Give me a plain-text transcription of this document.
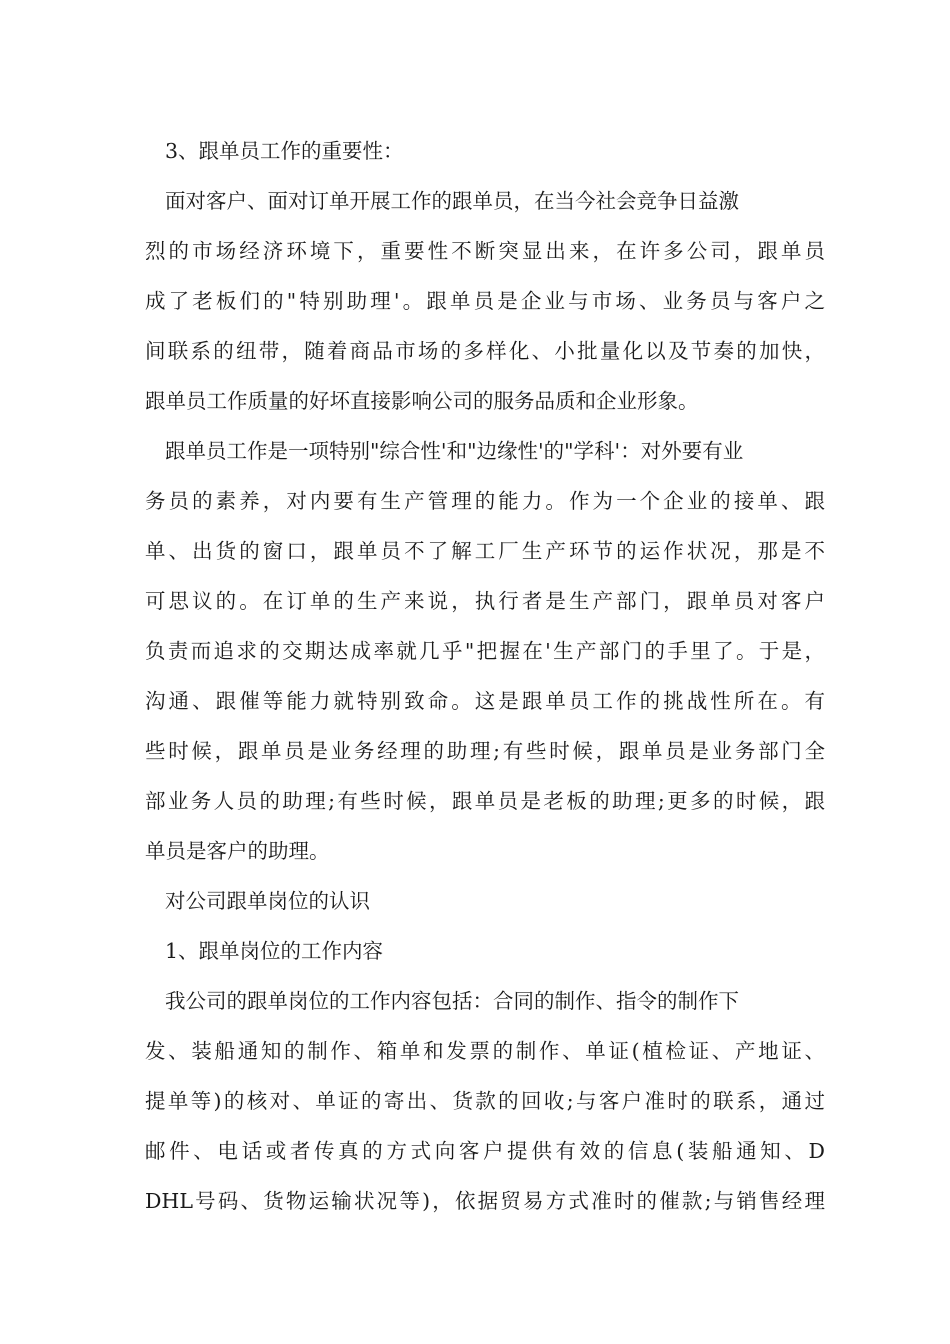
3、跟单员工作的重要性：
面对客户、面对订单开展工作的跟单员，在当今社会竞争日益激
烈的市场经济环境下，重要性不断突显出来，在许多公司，跟单员
成了老板们的"特别助理'。跟单员是企业与市场、业务员与客户之
间联系的纽带，随着商品市场的多样化、小批量化以及节奏的加快，
跟单员工作质量的好坏直接影响公司的服务品质和企业形象。
跟单员工作是一项特别"综合性'和"边缘性'的"学科'：对外要有业
务员的素养，对内要有生产管理的能力。作为一个企业的接单、跟
单、出货的窗口，跟单员不了解工厂生产环节的运作状况，那是不
可思议的。在订单的生产来说，执行者是生产部门，跟单员对客户
负责而追求的交期达成率就几乎"把握在'生产部门的手里了。于是，
沟通、跟催等能力就特别致命。这是跟单员工作的挑战性所在。有
些时候，跟单员是业务经理的助理;有些时候，跟单员是业务部门全
部业务人员的助理;有些时候，跟单员是老板的助理;更多的时候，跟
单员是客户的助理。
对公司跟单岗位的认识
1、跟单岗位的工作内容
我公司的跟单岗位的工作内容包括：合同的制作、指令的制作下
发、装船通知的制作、箱单和发票的制作、单证(植检证、产地证、
提单等)的核对、单证的寄出、货款的回收;与客户准时的联系，通过
邮件、电话或者传真的方式向客户提供有效的信息(装船通知、D
DHL号码、货物运输状况等)，依据贸易方式准时的催款;与销售经理
